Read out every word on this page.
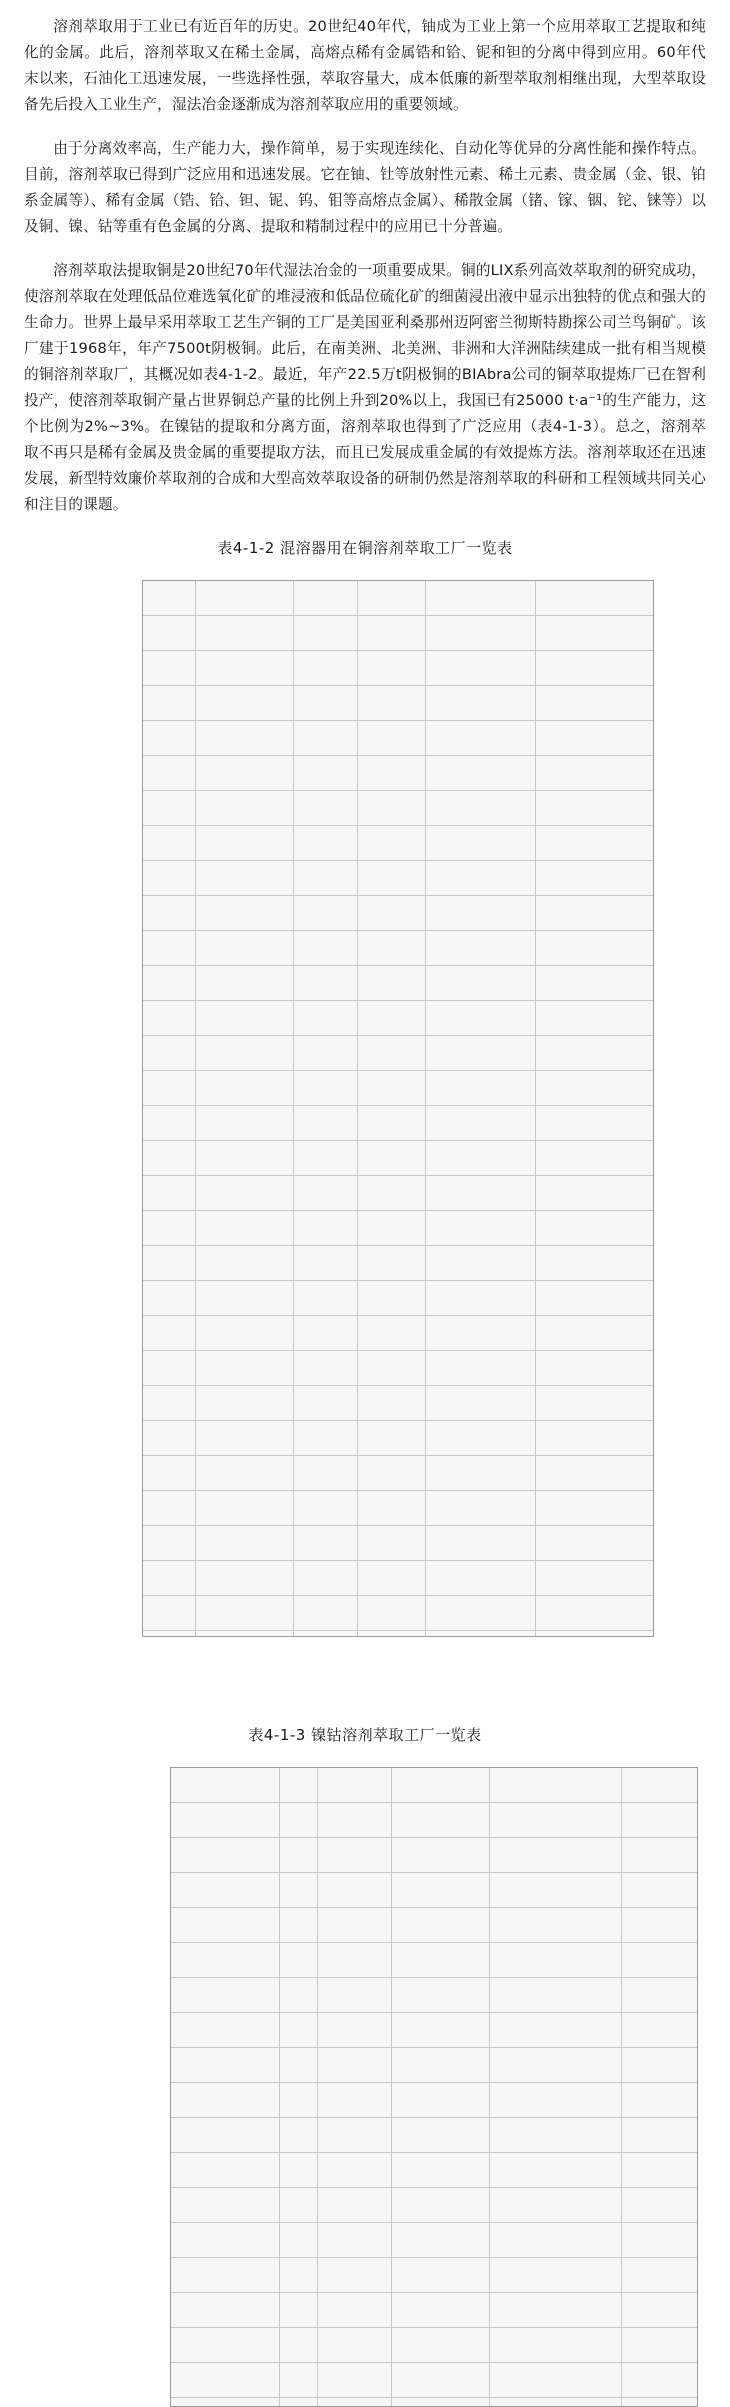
溶剂萃取用于工业已有近百年的历史。20世纪40年代，铀成为工业上第一个应用萃取工艺提取和纯化的金属。此后，溶剂萃取又在稀土金属，高熔点稀有金属锆和铪、铌和钽的分离中得到应用。60年代末以来，石油化工迅速发展，一些选择性强，萃取容量大，成本低廉的新型萃取剂相继出现，大型萃取设备先后投入工业生产，湿法冶金逐渐成为溶剂萃取应用的重要领域。

由于分离效率高，生产能力大，操作简单，易于实现连续化、自动化等优异的分离性能和操作特点。目前，溶剂萃取已得到广泛应用和迅速发展。它在铀、钍等放射性元素、稀土元素、贵金属（金、银、铂系金属等）、稀有金属（锆、铪、钽、铌、钨、钼等高熔点金属）、稀散金属（锗、镓、铟、铊、铼等）以及铜、镍、钴等重有色金属的分离、提取和精制过程中的应用已十分普遍。

溶剂萃取法提取铜是20世纪70年代湿法冶金的一项重要成果。铜的LIX系列高效萃取剂的研究成功，使溶剂萃取在处理低品位难选氧化矿的堆浸液和低品位硫化矿的细菌浸出液中显示出独特的优点和强大的生命力。世界上最早采用萃取工艺生产铜的工厂是美国亚利桑那州迈阿密兰彻斯特勘探公司兰鸟铜矿。该厂建于1968年，年产7500t阴极铜。此后，在南美洲、北美洲、非洲和大洋洲陆续建成一批有相当规模的铜溶剂萃取厂，其概况如表4-1-2。最近，年产22.5万t阴极铜的BIAbra公司的铜萃取提炼厂已在智利投产，使溶剂萃取铜产量占世界铜总产量的比例上升到20%以上，我国已有25000 t·a⁻¹的生产能力，这个比例为2%~3%。在镍钴的提取和分离方面，溶剂萃取也得到了广泛应用（表4-1-3）。总之，溶剂萃取不再只是稀有金属及贵金属的重要提取方法，而且已发展成重金属的有效提炼方法。溶剂萃取还在迅速发展，新型特效廉价萃取剂的合成和大型高效萃取设备的研制仍然是溶剂萃取的科研和工程领域共同关心和注目的课题。

表4-1-2 混溶器用在铜溶剂萃取工厂一览表

表4-1-3 镍钴溶剂萃取工厂一览表
